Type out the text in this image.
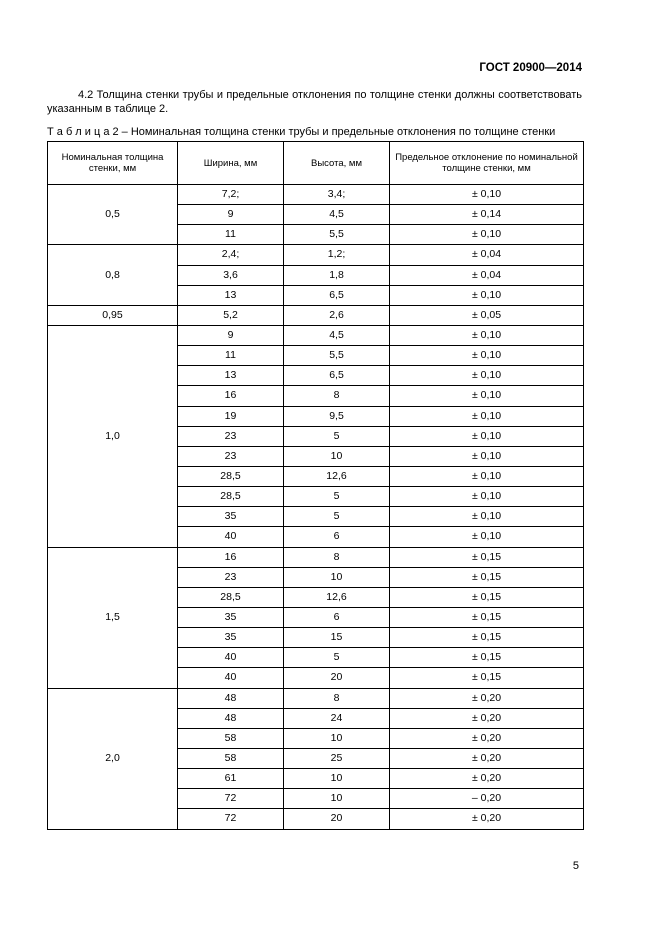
ГОСТ 20900—2014
4.2 Толщина стенки трубы и предельные отклонения по толщине стенки должны соответствовать указанным в таблице 2.
Т а б л и ц а 2 – Номинальная толщина стенки трубы и предельные отклонения по толщине стенки
Номинальная толщина стенки, мм	Ширина, мм	Высота, мм	Предельное отклонение по номинальной толщине стенки, мм
0,5	7,2;	3,4;	± 0,10
	9	4,5	± 0,14
	11	5,5	± 0,10
0,8	2,4;	1,2;	± 0,04
	3,6	1,8	± 0,04
	13	6,5	± 0,10
0,95	5,2	2,6	± 0,05
1,0	9	4,5	± 0,10
	11	5,5	± 0,10
	13	6,5	± 0,10
	16	8	± 0,10
	19	9,5	± 0,10
	23	5	± 0,10
	23	10	± 0,10
	28,5	12,6	± 0,10
	28,5	5	± 0,10
	35	5	± 0,10
	40	6	± 0,10
1,5	16	8	± 0,15
	23	10	± 0,15
	28,5	12,6	± 0,15
	35	6	± 0,15
	35	15	± 0,15
	40	5	± 0,15
	40	20	± 0,15
2,0	48	8	± 0,20
	48	24	± 0,20
	58	10	± 0,20
	58	25	± 0,20
	61	10	± 0,20
	72	10	– 0,20
	72	20	± 0,20
5
